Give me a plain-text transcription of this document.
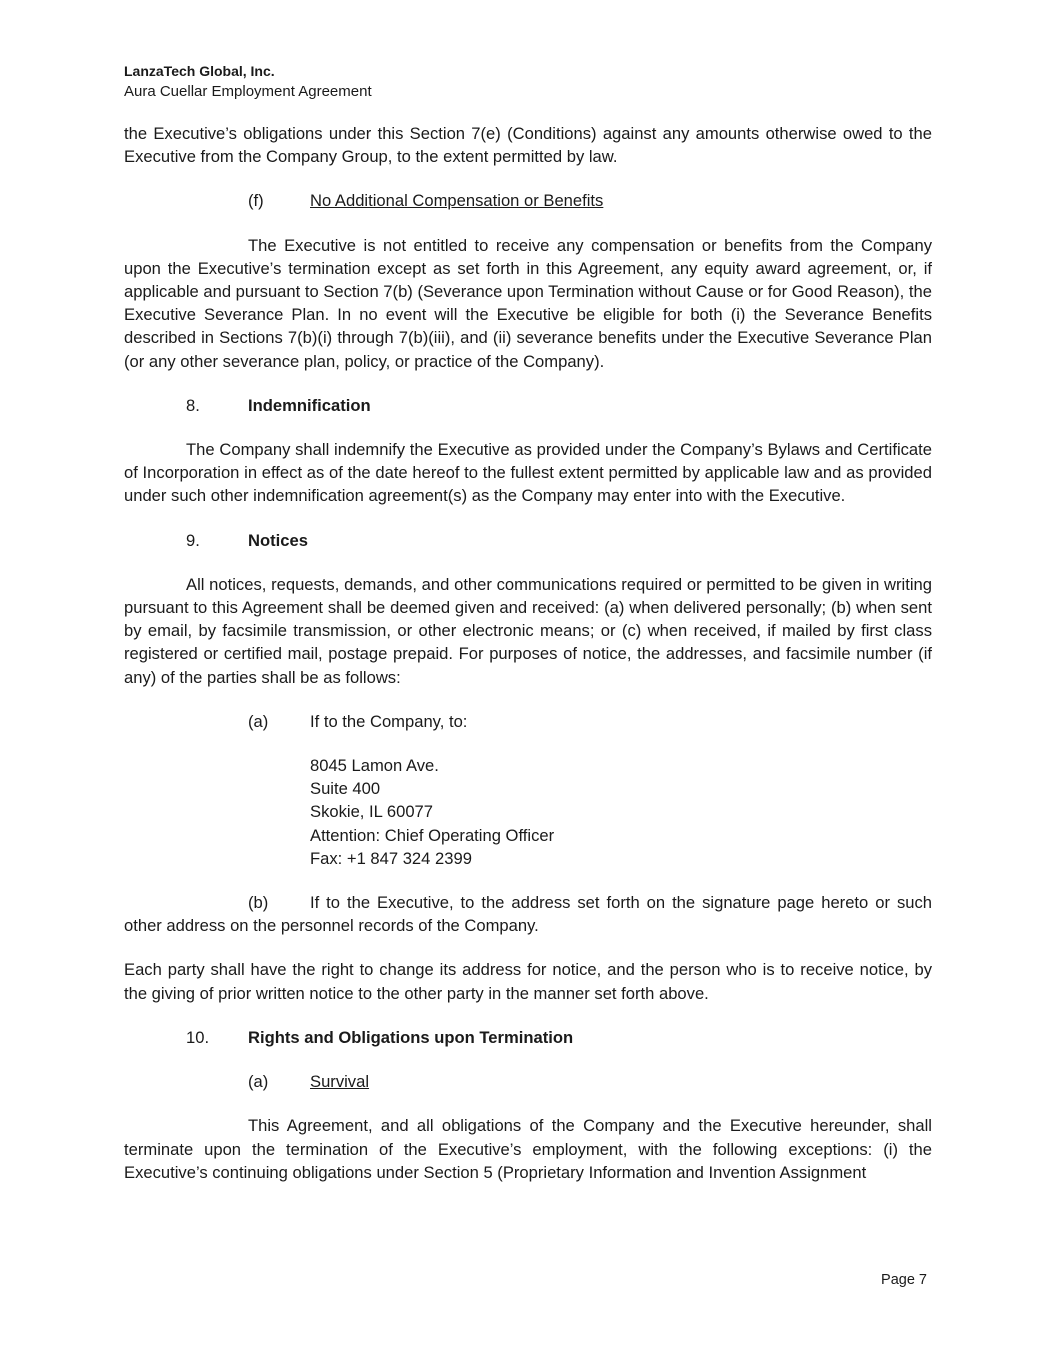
LanzaTech Global, Inc.
Aura Cuellar Employment Agreement

the Executive’s obligations under this Section 7(e) (Conditions) against any amounts otherwise owed to the Executive from the Company Group, to the extent permitted by law.

(f)	No Additional Compensation or Benefits

The Executive is not entitled to receive any compensation or benefits from the Company upon the Executive’s termination except as set forth in this Agreement, any equity award agreement, or, if applicable and pursuant to Section 7(b) (Severance upon Termination without Cause or for Good Reason), the Executive Severance Plan. In no event will the Executive be eligible for both (i) the Severance Benefits described in Sections 7(b)(i) through 7(b)(iii), and (ii) severance benefits under the Executive Severance Plan (or any other severance plan, policy, or practice of the Company).

8.	Indemnification

The Company shall indemnify the Executive as provided under the Company’s Bylaws and Certificate of Incorporation in effect as of the date hereof to the fullest extent permitted by applicable law and as provided under such other indemnification agreement(s) as the Company may enter into with the Executive.

9.	Notices

All notices, requests, demands, and other communications required or permitted to be given in writing pursuant to this Agreement shall be deemed given and received: (a) when delivered personally; (b) when sent by email, by facsimile transmission, or other electronic means; or (c) when received, if mailed by first class registered or certified mail, postage prepaid. For purposes of notice, the addresses, and facsimile number (if any) of the parties shall be as follows:

(a)	If to the Company, to:
8045 Lamon Ave.
Suite 400
Skokie, IL 60077
Attention: Chief Operating Officer
Fax: +1 847 324 2399

(b)	If to the Executive, to the address set forth on the signature page hereto or such other address on the personnel records of the Company.

Each party shall have the right to change its address for notice, and the person who is to receive notice, by the giving of prior written notice to the other party in the manner set forth above.

10.	Rights and Obligations upon Termination
(a)	Survival

This Agreement, and all obligations of the Company and the Executive hereunder, shall terminate upon the termination of the Executive’s employment, with the following exceptions: (i) the Executive’s continuing obligations under Section 5 (Proprietary Information and Invention Assignment

Page 7
